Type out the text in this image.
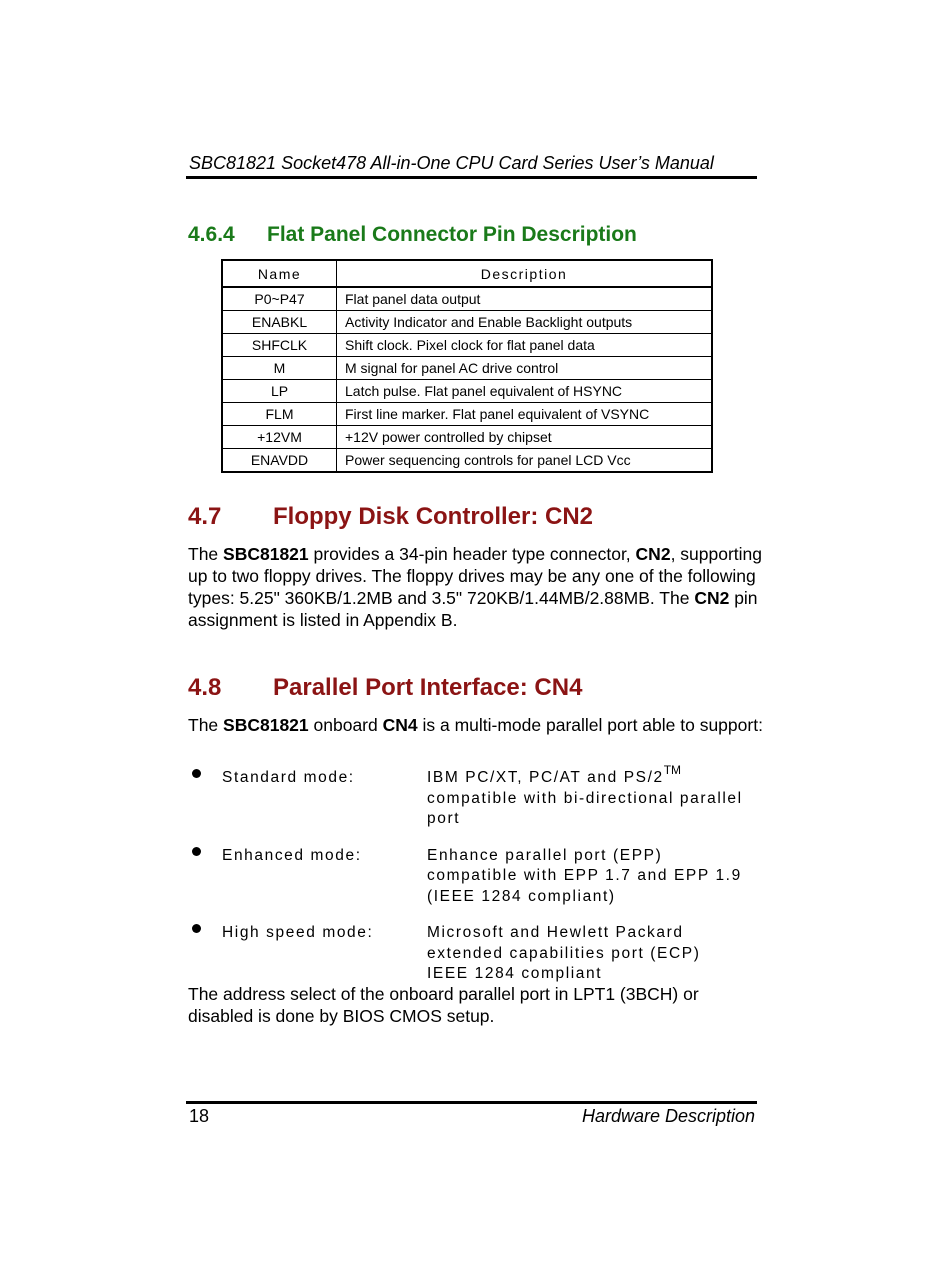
SBC81821 Socket478 All-in-One CPU Card Series User’s Manual
4.6.4 Flat Panel Connector Pin Description
Name	Description
P0~P47	Flat panel data output
ENABKL	Activity Indicator and Enable Backlight outputs
SHFCLK	Shift clock. Pixel clock for flat panel data
M	M signal for panel AC drive control
LP	Latch pulse. Flat panel equivalent of HSYNC
FLM	First line marker. Flat panel equivalent of VSYNC
+12VM	+12V power controlled by chipset
ENAVDD	Power sequencing controls for panel LCD Vcc
4.7 Floppy Disk Controller: CN2
The SBC81821 provides a 34-pin header type connector, CN2, supporting up to two floppy drives. The floppy drives may be any one of the following types: 5.25" 360KB/1.2MB and 3.5" 720KB/1.44MB/2.88MB. The CN2 pin assignment is listed in Appendix B.
4.8 Parallel Port Interface: CN4
The SBC81821 onboard CN4 is a multi-mode parallel port able to support:
Standard mode:	IBM PC/XT, PC/AT and PS/2™ compatible with bi-directional parallel port
Enhanced mode:	Enhance parallel port (EPP) compatible with EPP 1.7 and EPP 1.9 (IEEE 1284 compliant)
High speed mode:	Microsoft and Hewlett Packard extended capabilities port (ECP) IEEE 1284 compliant
The address select of the onboard parallel port in LPT1 (3BCH) or disabled is done by BIOS CMOS setup.
18	Hardware Description
